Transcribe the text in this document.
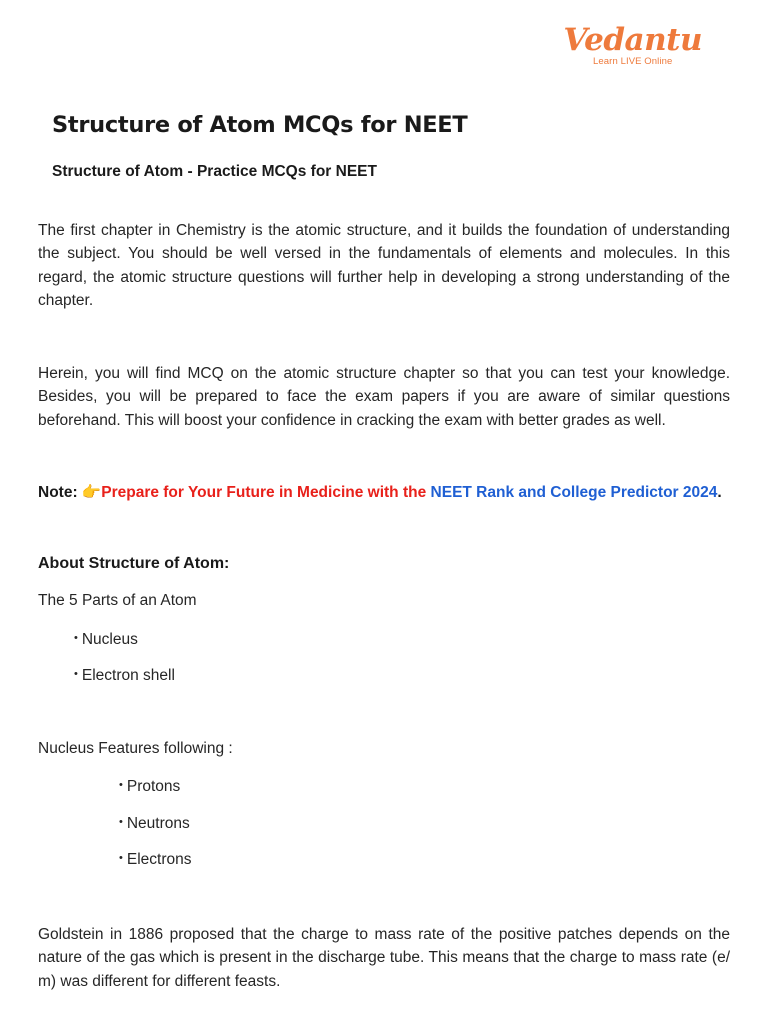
Vedantu
Learn LIVE Online
Structure of Atom MCQs for NEET
Structure of Atom - Practice MCQs for NEET
The first chapter in Chemistry is the atomic structure, and it builds the foundation of understanding the subject. You should be well versed in the fundamentals of elements and molecules. In this regard, the atomic structure questions will further help in developing a strong understanding of the chapter.
Herein, you will find MCQ on the atomic structure chapter so that you can test your knowledge. Besides, you will be prepared to face the exam papers if you are aware of similar questions beforehand. This will boost your confidence in cracking the exam with better grades as well.
Note: 👉Prepare for Your Future in Medicine with the NEET Rank and College Predictor 2024.
About Structure of Atom:
The 5 Parts of an Atom
• Nucleus
• Electron shell
Nucleus Features following :
• Protons
• Neutrons
• Electrons
Goldstein in 1886 proposed that the charge to mass rate of the positive patches depends on the nature of the gas which is present in the discharge tube. This means that the charge to mass rate (e/ m) was different for different feasts.
